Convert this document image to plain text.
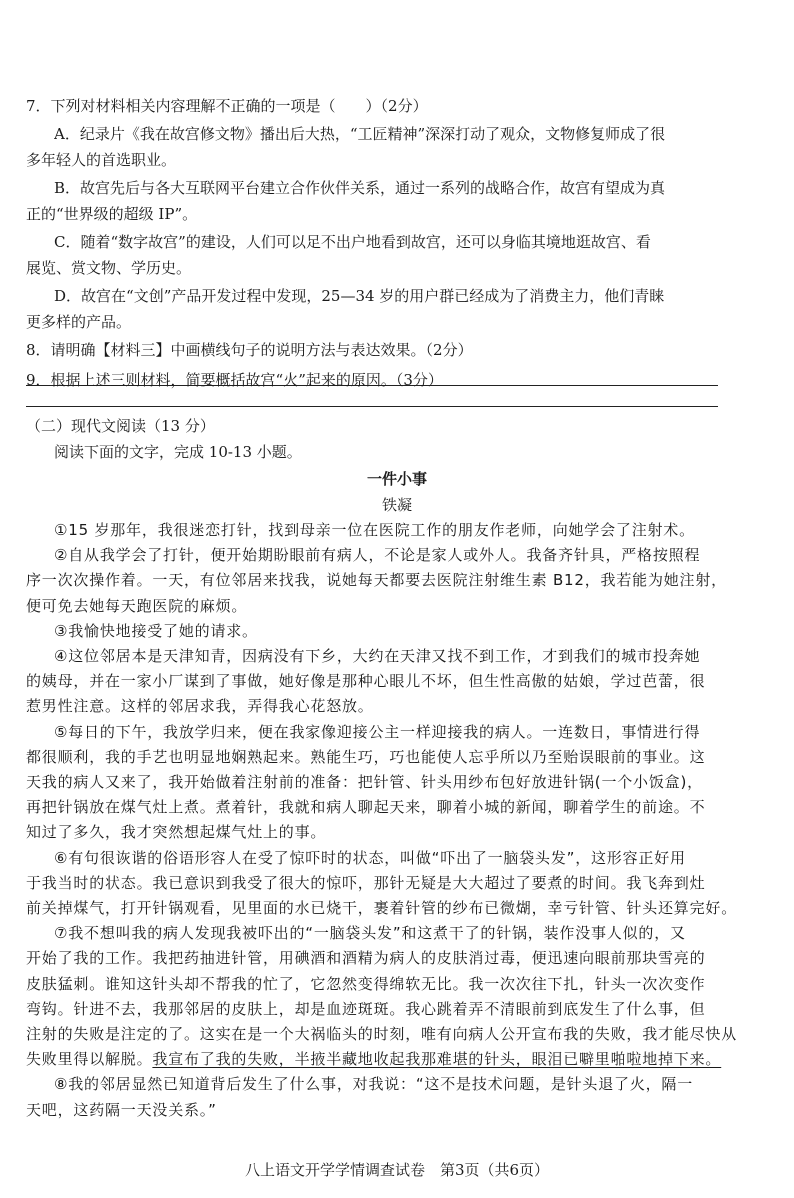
7．下列对材料相关内容理解不正确的一项是（　　）（2分）
A．纪录片《我在故宫修文物》播出后大热，“工匠精神”深深打动了观众，文物修复师成了很
多年轻人的首选职业。
B．故宫先后与各大互联网平台建立合作伙伴关系，通过一系列的战略合作，故宫有望成为真
正的“世界级的超级 IP”。
C．随着“数字故宫”的建设，人们可以足不出户地看到故宫，还可以身临其境地逛故宫、看
展览、赏文物、学历史。
D．故宫在“文创”产品开发过程中发现，25—34 岁的用户群已经成为了消费主力，他们青睐
更多样的产品。
8．请明确【材料三】中画横线句子的说明方法与表达效果。（2分）
9．根据上述三则材料，简要概括故宫“火”起来的原因。（3分）
（二）现代文阅读（13 分）
阅读下面的文字，完成 10-13 小题。
一件小事
铁凝
①15 岁那年，我很迷恋打针，找到母亲一位在医院工作的朋友作老师，向她学会了注射术。
②自从我学会了打针，便开始期盼眼前有病人，不论是家人或外人。我备齐针具，严格按照程
序一次次操作着。一天，有位邻居来找我，说她每天都要去医院注射维生素 B12，我若能为她注射，
便可免去她每天跑医院的麻烦。
③我愉快地接受了她的请求。
④这位邻居本是天津知青，因病没有下乡，大约在天津又找不到工作，才到我们的城市投奔她
的姨母，并在一家小厂谋到了事做，她好像是那种心眼儿不坏，但生性高傲的姑娘，学过芭蕾，很
惹男性注意。这样的邻居求我，弄得我心花怒放。
⑤每日的下午，我放学归来，便在我家像迎接公主一样迎接我的病人。一连数日，事情进行得
都很顺利，我的手艺也明显地娴熟起来。熟能生巧，巧也能使人忘乎所以乃至贻误眼前的事业。这
天我的病人又来了，我开始做着注射前的准备：把针管、针头用纱布包好放进针锅(一个小饭盒)，
再把针锅放在煤气灶上煮。煮着针，我就和病人聊起天来，聊着小城的新闻，聊着学生的前途。不
知过了多久，我才突然想起煤气灶上的事。
⑥有句很诙谐的俗语形容人在受了惊吓时的状态，叫做“吓出了一脑袋头发”，这形容正好用
于我当时的状态。我已意识到我受了很大的惊吓，那针无疑是大大超过了要煮的时间。我飞奔到灶
前关掉煤气，打开针锅观看，见里面的水已烧干，裹着针管的纱布已微煳，幸亏针管、针头还算完好。
⑦我不想叫我的病人发现我被吓出的“一脑袋头发”和这煮干了的针锅，装作没事人似的，又
开始了我的工作。我把药抽进针管，用碘酒和酒精为病人的皮肤消过毒，便迅速向眼前那块雪亮的
皮肤猛刺。谁知这针头却不帮我的忙了，它忽然变得绵软无比。我一次次往下扎，针头一次次变作
弯钩。针进不去，我那邻居的皮肤上，却是血迹斑斑。我心跳着弄不清眼前到底发生了什么事，但
注射的失败是注定的了。这实在是一个大祸临头的时刻，唯有向病人公开宣布我的失败，我才能尽快从
失败里得以解脱。我宣布了我的失败，半掖半藏地收起我那难堪的针头，眼泪已噼里啪啦地掉下来。
⑧我的邻居显然已知道背后发生了什么事，对我说：“这不是技术问题，是针头退了火，隔一
天吧，这药隔一天没关系。”
八上语文开学学情调查试卷　第3页（共6页）
